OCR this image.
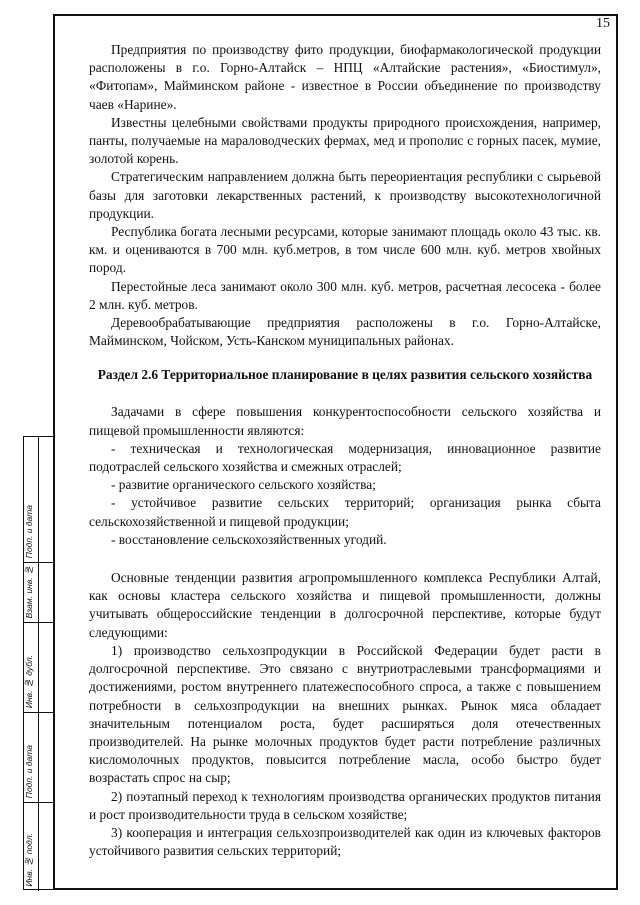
Подп. и дата
Взам. инв. №
Инв. № дубл.
Подп. и дата
Инв. № подл.
15

Предприятия по производству фито продукции, биофармакологической продукции расположены в г.о. Горно-Алтайск – НПЦ «Алтайские растения», «Биостимул», «Фитопам», Майминском районе - известное в России объединение по производству чаев «Нарине».

Известны целебными свойствами продукты природного происхождения, например, панты, получаемые на мараловодческих фермах, мед и прополис с горных пасек, мумие, золотой корень.

Стратегическим направлением должна быть переориентация республики с сырьевой базы для заготовки лекарственных растений, к производству высокотехнологичной продукции.

Республика богата лесными ресурсами, которые занимают площадь около 43 тыс. кв. км. и оцениваются в 700 млн. куб.метров, в том числе 600 млн. куб. метров хвойных пород.

Перестойные леса занимают около 300 млн. куб. метров, расчетная лесосека - более 2 млн. куб. метров.

Деревообрабатывающие предприятия расположены в г.о. Горно-Алтайске, Майминском, Чойском, Усть-Канском муниципальных районах.

Раздел 2.6 Территориальное планирование в целях развития сельского хозяйства

Задачами в сфере повышения конкурентоспособности сельского хозяйства и пищевой промышленности являются:

- техническая и технологическая модернизация, инновационное развитие подотраслей сельского хозяйства и смежных отраслей;

- развитие органического сельского хозяйства;

- устойчивое развитие сельских территорий; организация рынка сбыта сельскохозяйственной и пищевой продукции;

- восстановление сельскохозяйственных угодий.

Основные тенденции развития агропромышленного комплекса Республики Алтай, как основы кластера сельского хозяйства и пищевой промышленности, должны учитывать общероссийские тенденции в долгосрочной перспективе, которые будут следующими:

1) производство сельхозпродукции в Российской Федерации будет расти в долгосрочной перспективе. Это связано с внутриотраслевыми трансформациями и достижениями, ростом внутреннего платежеспособного спроса, а также с повышением потребности в сельхозпродукции на внешних рынках. Рынок мяса обладает значительным потенциалом роста, будет расширяться доля отечественных производителей. На рынке молочных продуктов будет расти потребление различных кисломолочных продуктов, повысится потребление масла, особо быстро будет возрастать спрос на сыр;

2) поэтапный переход к технологиям производства органических продуктов питания и рост производительности труда в сельском хозяйстве;

3) кооперация и интеграция сельхозпроизводителей как один из ключевых факторов устойчивого развития сельских территорий;
